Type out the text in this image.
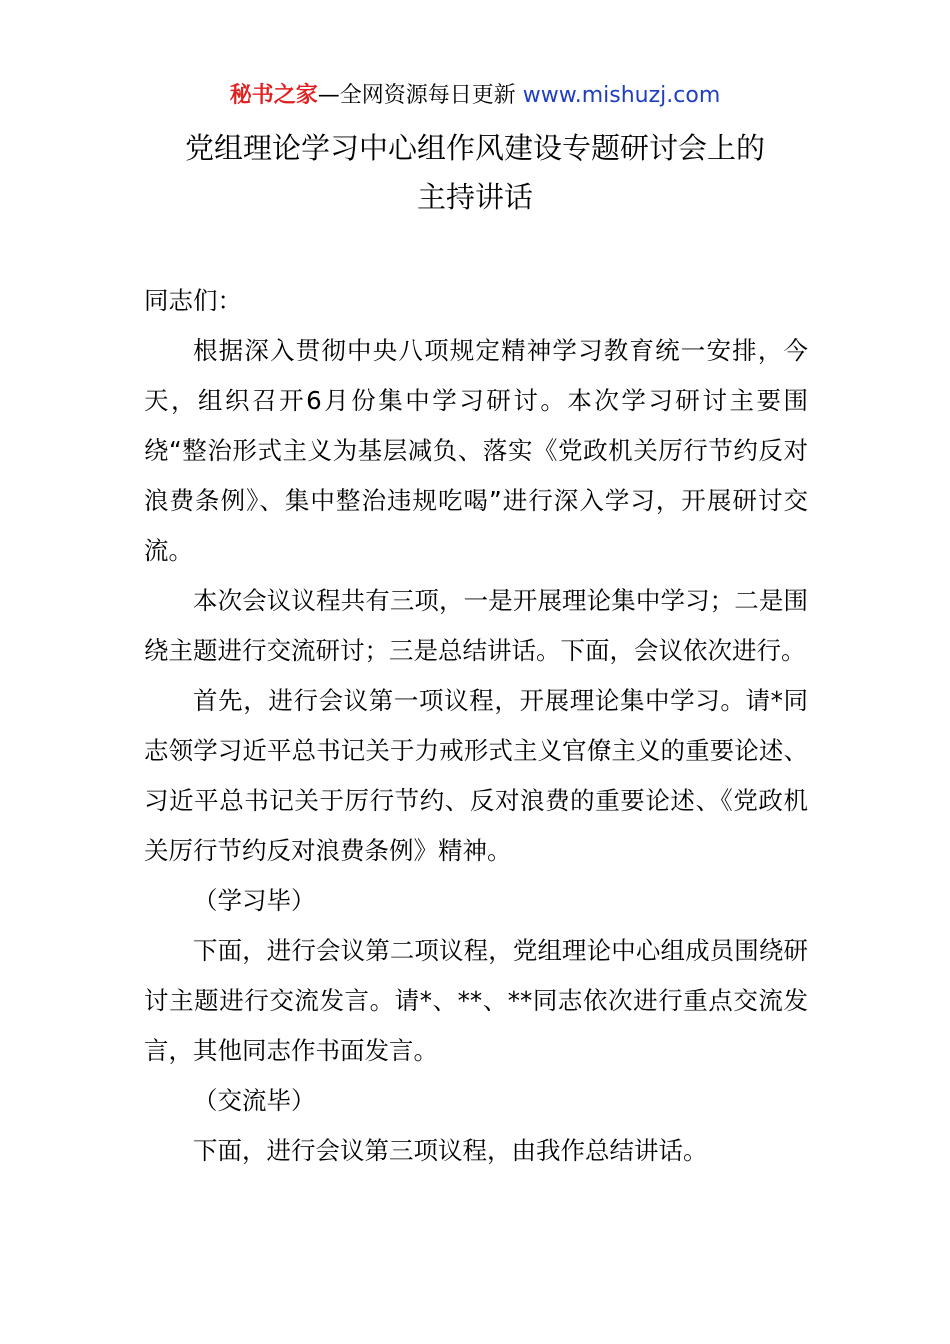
秘书之家—全网资源每日更新 www.mishuzj.com
党组理论学习中心组作风建设专题研讨会上的
主持讲话

同志们：

根据深入贯彻中央八项规定精神学习教育统一安排，今天，组织召开6月份集中学习研讨。本次学习研讨主要围绕“整治形式主义为基层减负、落实《党政机关厉行节约反对浪费条例》、集中整治违规吃喝”进行深入学习，开展研讨交流。

本次会议议程共有三项，一是开展理论集中学习；二是围绕主题进行交流研讨；三是总结讲话。下面，会议依次进行。

首先，进行会议第一项议程，开展理论集中学习。请*同志领学习近平总书记关于力戒形式主义官僚主义的重要论述、习近平总书记关于厉行节约、反对浪费的重要论述、《党政机关厉行节约反对浪费条例》精神。

（学习毕）

下面，进行会议第二项议程，党组理论中心组成员围绕研讨主题进行交流发言。请*、**、**同志依次进行重点交流发言，其他同志作书面发言。

（交流毕）

下面，进行会议第三项议程，由我作总结讲话。
